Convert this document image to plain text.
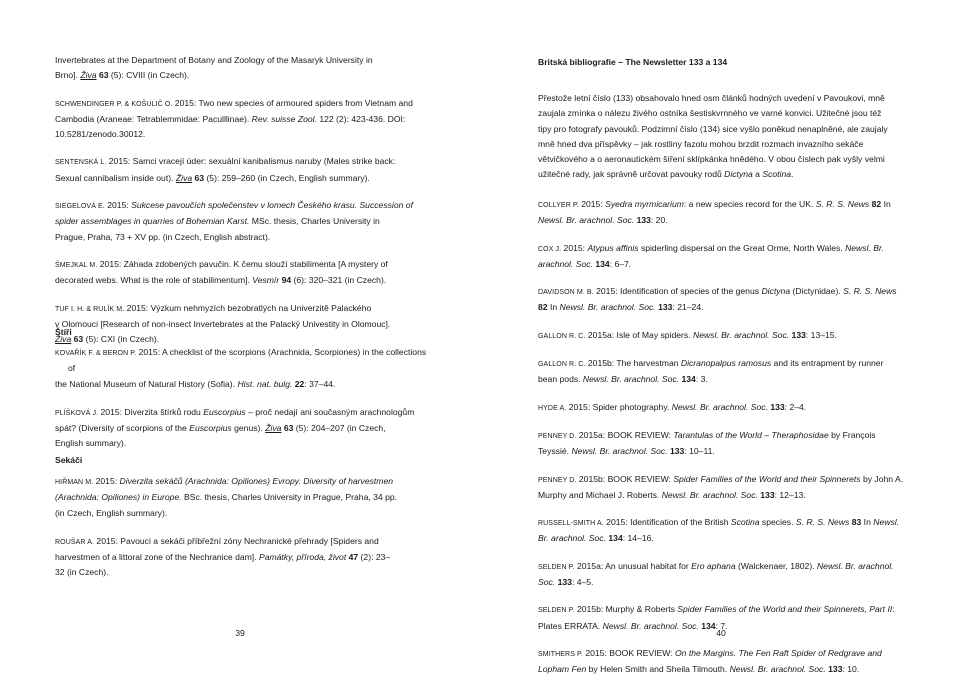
Invertebrates at the Department of Botany and Zoology of the Masaryk University in
Brno]. Živa 63 (5): CVIII (in Czech).
SCHWENDINGER P. & KOŠULIČ O. 2015: Two new species of armoured spiders from Vietnam and
Cambodia (Araneae: Tetrablemmidae: Paculllinae). Rev. suisse Zool. 122 (2): 423-436. DOI:
10.5281/zenodo.30012.
SENTENSKÁ L. 2015: Samci vracejí úder: sexuální kanibalismus naruby (Males strike back:
Sexual cannibalism inside out). Živa 63 (5): 259–260 (in Czech, English summary).
SIEGELOVÁ E. 2015: Sukcese pavoučích společenstev v lomech Českého krasu. Succession of
spider assemblages in quarries of Bohemian Karst. MSc. thesis, Charles University in
Prague, Praha, 73 + XV pp. (in Czech, English abstract).
ŠMEJKAL M. 2015: Záhada zdobených pavučin. K čemu slouží stabilimenta [A mystery of
decorated webs. What is the role of stabilimentum]. Vesmír 94 (6): 320–321 (in Czech).
TUF I. H. & RULÍK M. 2015: Výzkum nehmyzích bezobratlých na Univerzitě Palackého
v Olomouci [Research of non-insect Invertebrates at the Palacký Univestity in Olomouc].
Živa 63 (5): CXI (in Czech).
Štíři
KOVAŘÍK F. & BERON P. 2015: A checklist of the scorpions (Arachnida, Scorpiones) in the collections of
the National Museum of Natural History (Sofia). Hist. nat. bulg. 22: 37–44.
PLÍŠKOVÁ J. 2015: Diverzita štírků rodu Euscorpius – proč nedají ani současným arachnologům
spát? (Diversity of scorpions of the Euscorpius genus). Živa 63 (5): 204–207 (in Czech,
English summary).
Sekáči
HIŘMAN M. 2015: Diverzita sekáčů (Arachnida: Opiliones) Evropy. Diversity of harvestmen
(Arachnida: Opiliones) in Europe. BSc. thesis, Charles University in Prague, Praha, 34 pp.
(in Czech, English summary).
ROUŠAR A. 2015: Pavouci a sekáči příbřežní zóny Nechranické přehrady [Spiders and
harvestmen of a littoral zone of the Nechranice dam]. Památky, příroda, život 47 (2): 23–
32 (in Czech).
39
Britská bibliografie – The Newsletter 133 a 134
Přestože letní číslo (133) obsahovalo hned osm článků hodných uvedení v Pavoukovi, mně
zaujala zmínka o nálezu živého ostníka šestiskvrnného ve varné konvici. Užitečné jsou též
tipy pro fotografy pavouků. Podzimní číslo (134) sice vyšlo poněkud nenaplněné, ale zaujaly
mně hned dva příspěvky – jak rostliny fazolu mohou brzdit rozmach invazního sekáče
větvičkového a o aeronautickém šíření sklípkánka hnědého. V obou číslech pak vyšly velmi
užitečné rady, jak správně určovat pavouky rodů Dictyna a Scotina.
COLLYER P. 2015: Syedra myrmicarium: a new species record for the UK. S. R. S. News 82 In
Newsl. Br. arachnol. Soc. 133: 20.
COX J. 2015: Atypus affinis spiderling dispersal on the Great Orme, North Wales. Newsl. Br.
arachnol. Soc. 134: 6–7.
DAVIDSON M. B. 2015: Identification of species of the genus Dictyna (Dictynidae). S. R. S. News
82 In Newsl. Br. arachnol. Soc. 133: 21–24.
GALLON R. C. 2015a: Isle of May spiders. Newsl. Br. arachnol. Soc. 133: 13–15.
GALLON R. C. 2015b: The harvestman Dicranopalpus ramosus and its entrapment by runner
bean pods. Newsl. Br. arachnol. Soc. 134: 3.
HYDE A. 2015: Spider photography. Newsl. Br. arachnol. Soc. 133: 2–4.
PENNEY D. 2015a: BOOK REVIEW: Tarantulas of the World – Theraphosidae by François
Teyssié. Newsl. Br. arachnol. Soc. 133: 10–11.
PENNEY D. 2015b: BOOK REVIEW: Spider Families of the World and their Spinnerets by John A.
Murphy and Michael J. Roberts. Newsl. Br. arachnol. Soc. 133: 12–13.
RUSSELL-SMITH A. 2015: Identification of the British Scotina species. S. R. S. News 83 In Newsl.
Br. arachnol. Soc. 134: 14–16.
SELDEN P. 2015a: An unusual habitat for Ero aphana (Walckenaer, 1802). Newsl. Br. arachnol.
Soc. 133: 4–5.
SELDEN P. 2015b: Murphy & Roberts Spider Families of the World and their Spinnerets, Part II:
Plates ERRATA. Newsl. Br. arachnol. Soc. 134: 7.
SMITHERS P. 2015: BOOK REVIEW: On the Margins. The Fen Raft Spider of Redgrave and
Lopham Fen by Helen Smith and Sheila Tilmouth. Newsl. Br. arachnol. Soc. 133: 10.
40
